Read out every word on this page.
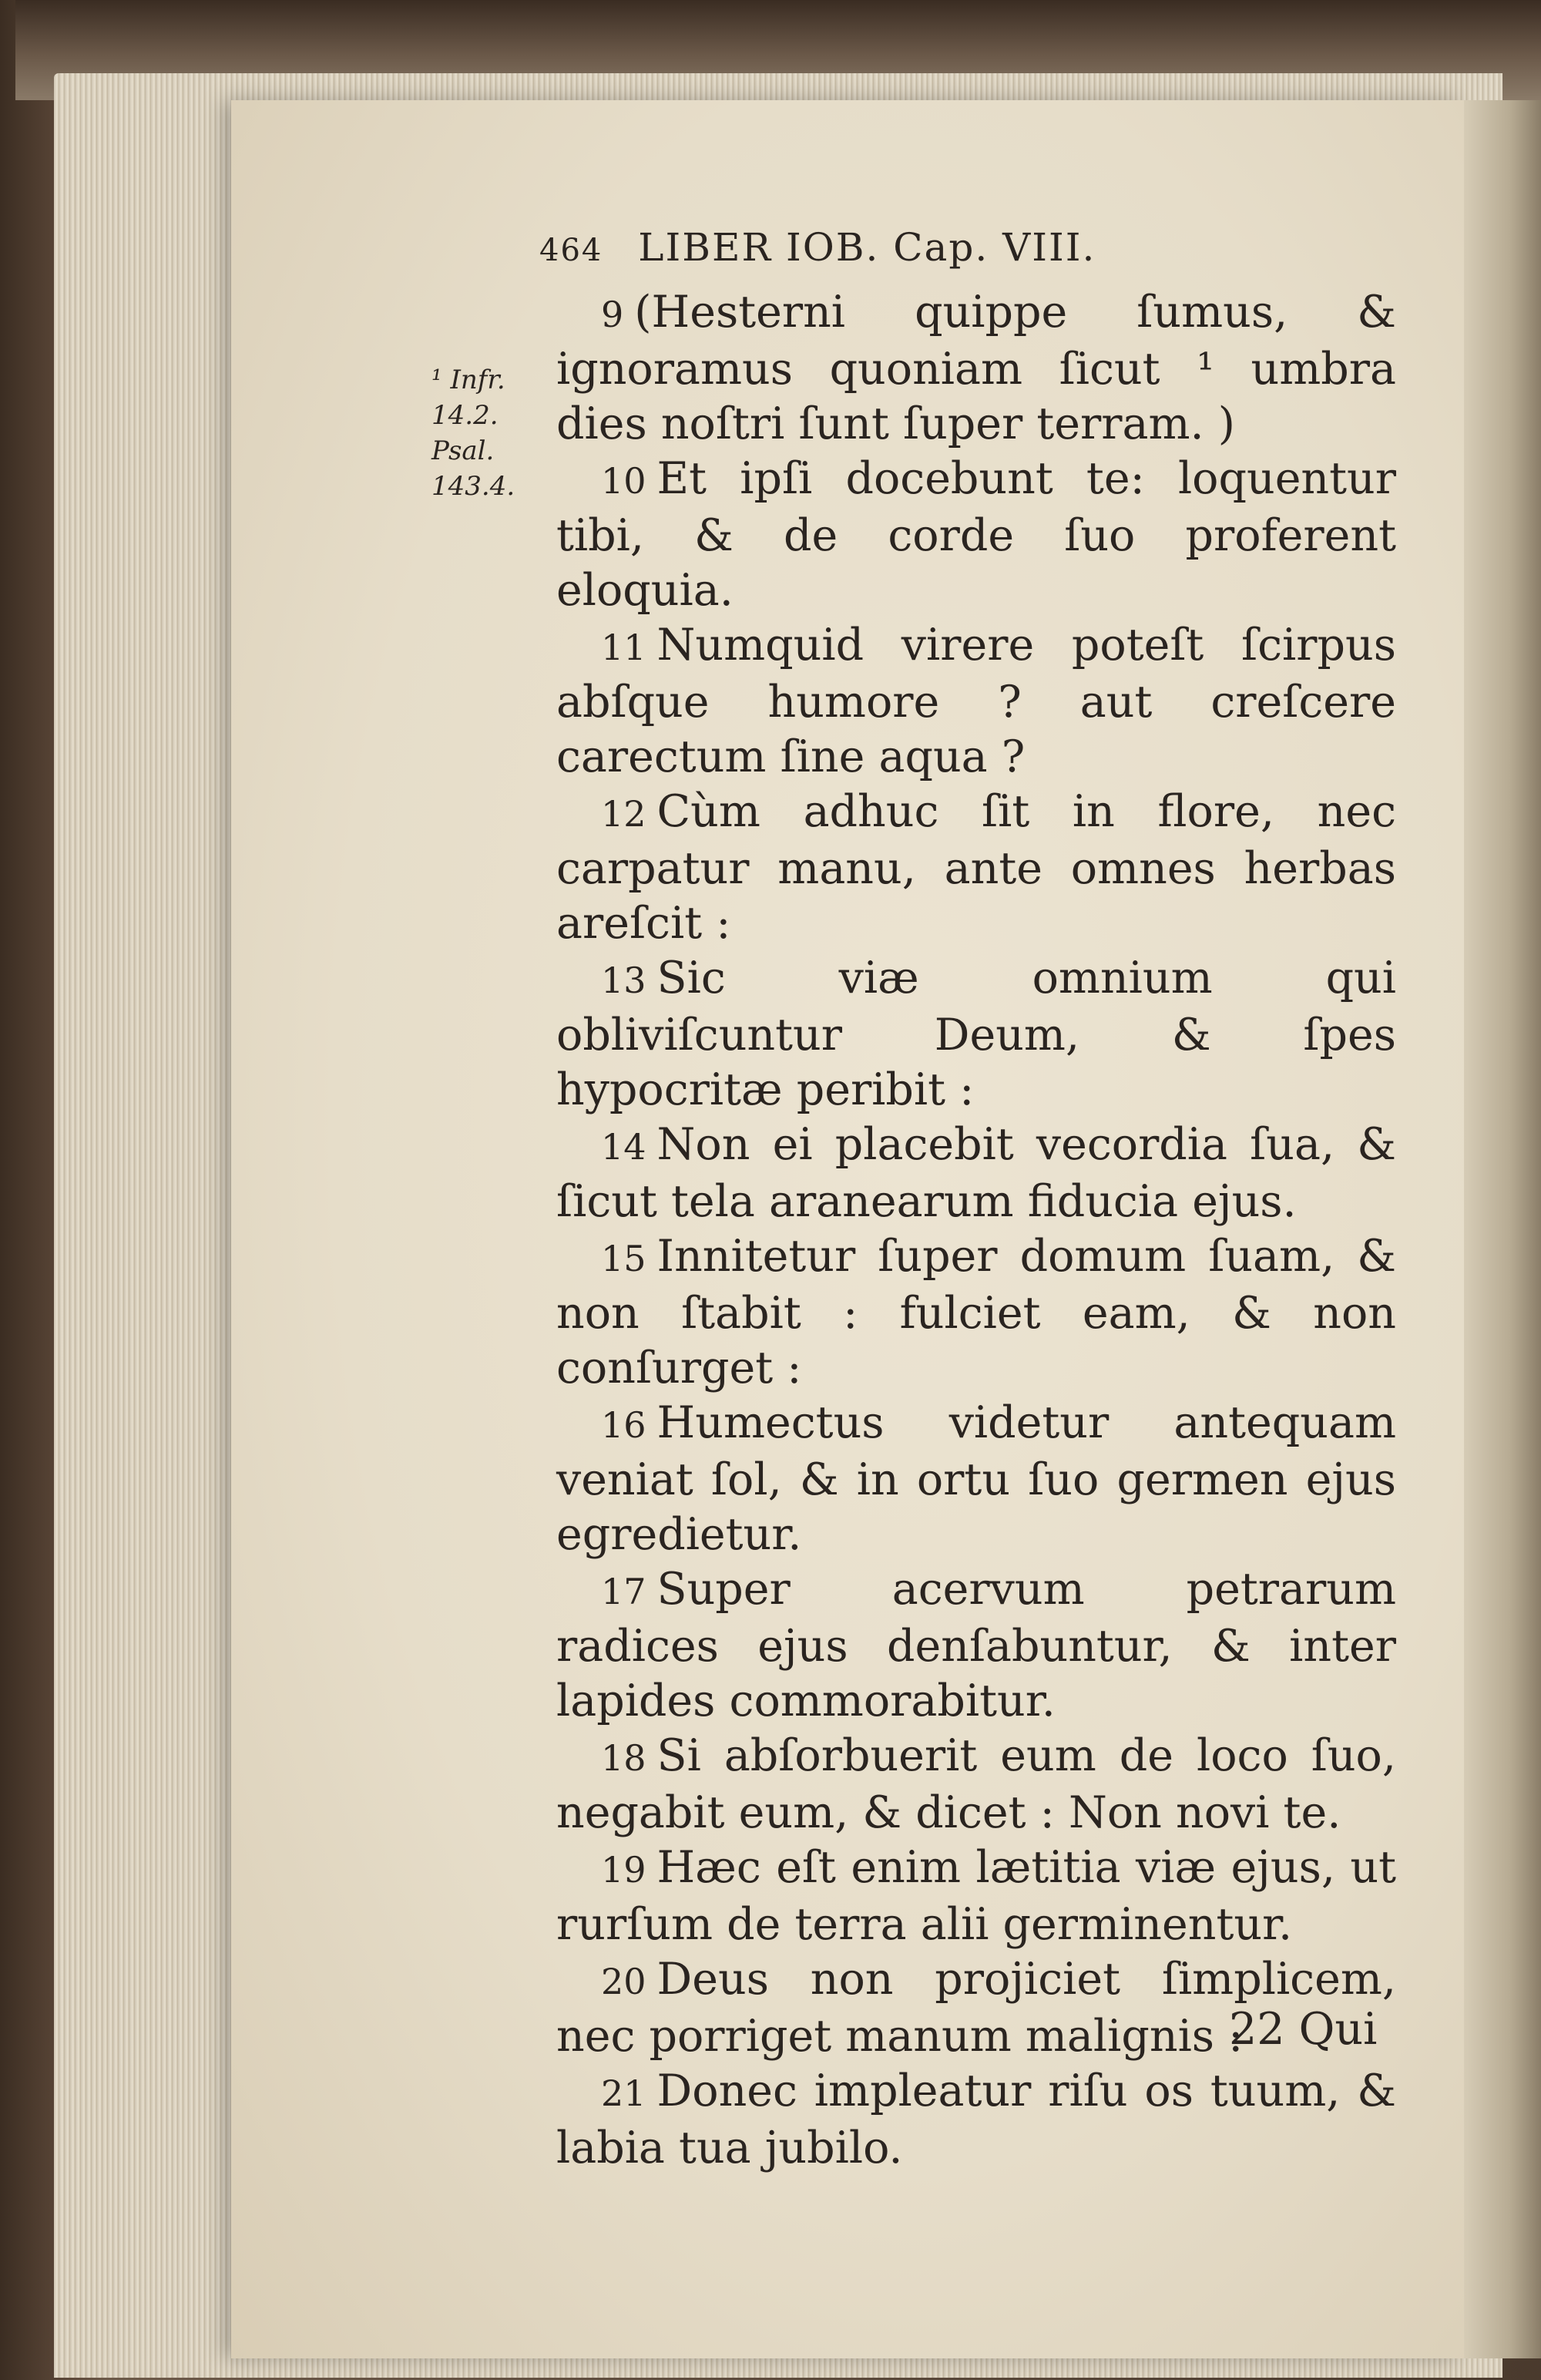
464 LIBER IOB. Cap. VIII.
¹ Infr.
14.2.
Psal.
143.4.
9 (Hesterni quippe ſumus, & ignoramus quoniam ſicut ¹ umbra dies noſtri ſunt ſuper terram. )
10 Et ipſi docebunt te: loquentur tibi, & de corde ſuo proferent eloquia.
11 Numquid virere poteſt ſcirpus abſque humore ? aut creſcere carectum ſine aqua ?
12 Cùm adhuc ſit in flore, nec carpatur manu, ante omnes herbas areſcit :
13 Sic viæ omnium qui obliviſcuntur Deum, & ſpes hypocritæ peribit :
14 Non ei placebit vecordia ſua, & ſicut tela aranearum fiducia ejus.
15 Innitetur ſuper domum ſuam, & non ſtabit : fulciet eam, & non conſurget :
16 Humectus videtur antequam veniat ſol, & in ortu ſuo germen ejus egredietur.
17 Super acervum petrarum radices ejus denſabuntur, & inter lapides commorabitur.
18 Si abſorbuerit eum de loco ſuo, negabit eum, & dicet : Non novi te.
19 Hæc eſt enim lætitia viæ ejus, ut rurſum de terra alii germinentur.
20 Deus non projiciet ſimplicem, nec porriget manum malignis :
21 Donec impleatur riſu os tuum, & labia tua jubilo.
22 Qui
